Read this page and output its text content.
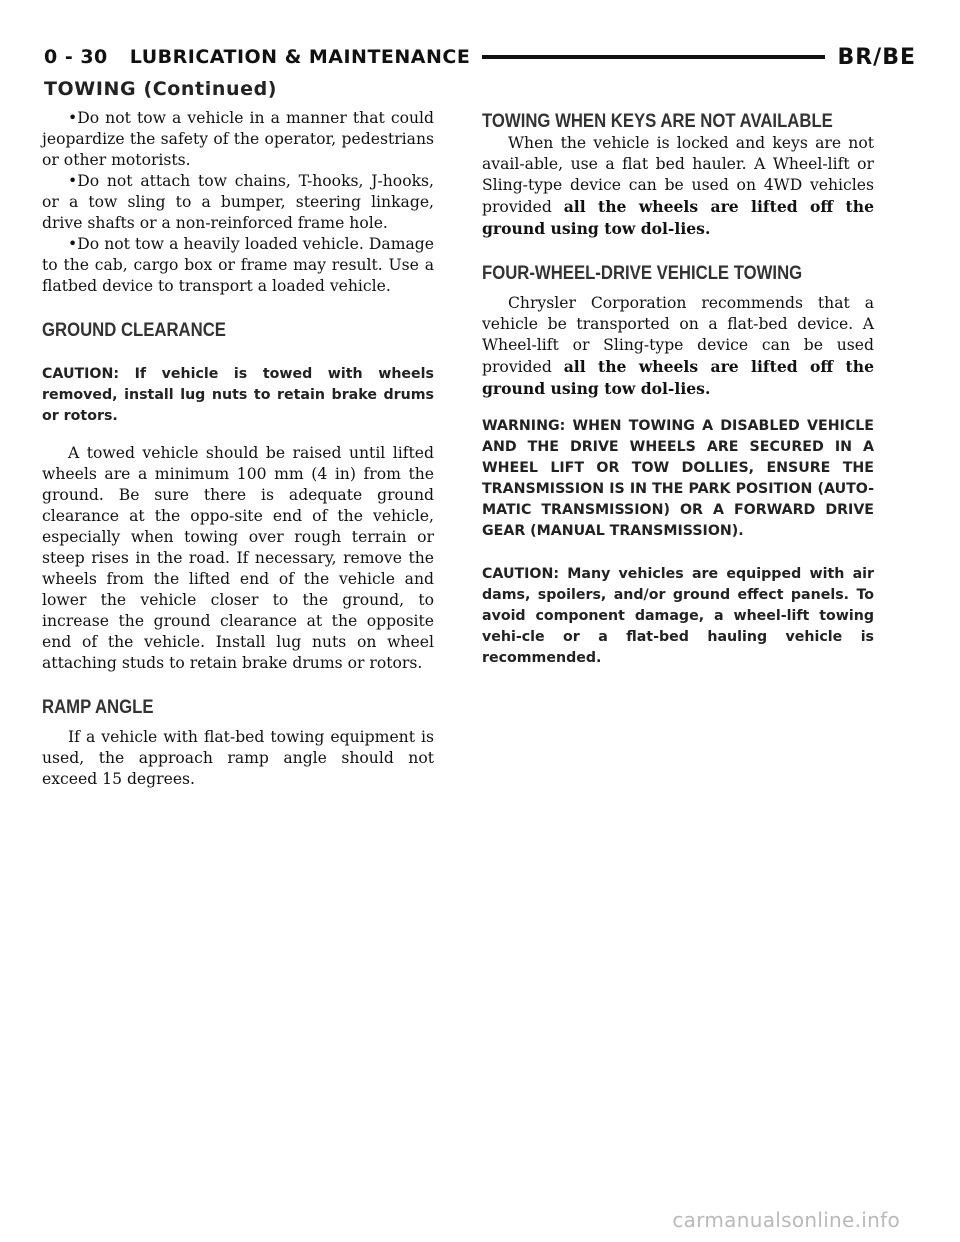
0 - 30 LUBRICATION & MAINTENANCE	BR/BE
TOWING (Continued)

•Do not tow a vehicle in a manner that could jeopardize the safety of the operator, pedestrians or other motorists.

•Do not attach tow chains, T-hooks, J-hooks, or a tow sling to a bumper, steering linkage, drive shafts or a non-reinforced frame hole.

•Do not tow a heavily loaded vehicle. Damage to the cab, cargo box or frame may result. Use a flatbed device to transport a loaded vehicle.

GROUND CLEARANCE

CAUTION: If vehicle is towed with wheels removed, install lug nuts to retain brake drums or rotors.

A towed vehicle should be raised until lifted wheels are a minimum 100 mm (4 in) from the ground. Be sure there is adequate ground clearance at the oppo-site end of the vehicle, especially when towing over rough terrain or steep rises in the road. If necessary, remove the wheels from the lifted end of the vehicle and lower the vehicle closer to the ground, to increase the ground clearance at the opposite end of the vehicle. Install lug nuts on wheel attaching studs to retain brake drums or rotors.

RAMP ANGLE

If a vehicle with flat-bed towing equipment is used, the approach ramp angle should not exceed 15 degrees.

TOWING WHEN KEYS ARE NOT AVAILABLE

When the vehicle is locked and keys are not avail-able, use a flat bed hauler. A Wheel-lift or Sling-type device can be used on 4WD vehicles provided all the wheels are lifted off the ground using tow dol-lies.

FOUR-WHEEL-DRIVE VEHICLE TOWING

Chrysler Corporation recommends that a vehicle be transported on a flat-bed device. A Wheel-lift or Sling-type device can be used provided all the wheels are lifted off the ground using tow dol-lies.

WARNING: WHEN TOWING A DISABLED VEHICLE AND THE DRIVE WHEELS ARE SECURED IN A WHEEL LIFT OR TOW DOLLIES, ENSURE THE TRANSMISSION IS IN THE PARK POSITION (AUTO-MATIC TRANSMISSION) OR A FORWARD DRIVE GEAR (MANUAL TRANSMISSION).

CAUTION: Many vehicles are equipped with air dams, spoilers, and/or ground effect panels. To avoid component damage, a wheel-lift towing vehi-cle or a flat-bed hauling vehicle is recommended.

carmanualsonline.info
